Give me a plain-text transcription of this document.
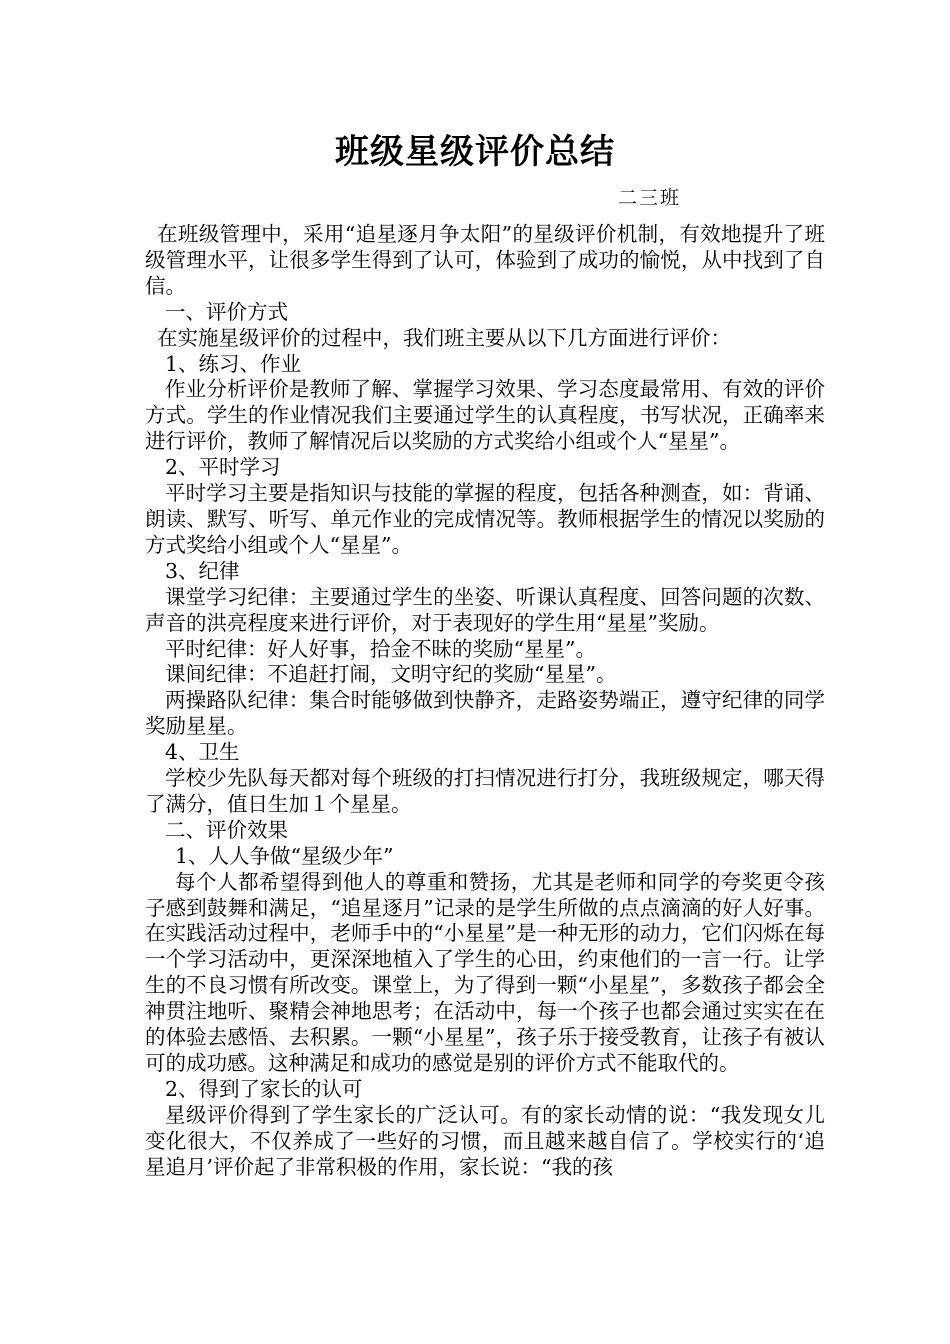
班级星级评价总结
二三班

在班级管理中，采用“追星逐月争太阳”的星级评价机制，有效地提升了班级管理水平，让很多学生得到了认可，体验到了成功的愉悦，从中找到了自信。

一、评价方式

在实施星级评价的过程中，我们班主要从以下几方面进行评价：

1、练习、作业

作业分析评价是教师了解、掌握学习效果、学习态度最常用、有效的评价方式。学生的作业情况我们主要通过学生的认真程度，书写状况，正确率来进行评价，教师了解情况后以奖励的方式奖给小组或个人“星星”。

2、平时学习

平时学习主要是指知识与技能的掌握的程度，包括各种测查，如：背诵、朗读、默写、听写、单元作业的完成情况等。教师根据学生的情况以奖励的方式奖给小组或个人“星星”。

3、纪律

课堂学习纪律：主要通过学生的坐姿、听课认真程度、回答问题的次数、声音的洪亮程度来进行评价，对于表现好的学生用“星星”奖励。

平时纪律：好人好事，拾金不昧的奖励“星星”。

课间纪律：不追赶打闹，文明守纪的奖励“星星”。

两操路队纪律：集合时能够做到快静齐，走路姿势端正，遵守纪律的同学奖励星星。

4、卫生

学校少先队每天都对每个班级的打扫情况进行打分，我班级规定，哪天得了满分，值日生加１个星星。

二、评价效果

1、人人争做“星级少年”

每个人都希望得到他人的尊重和赞扬，尤其是老师和同学的夸奖更令孩子感到鼓舞和满足，“追星逐月”记录的是学生所做的点点滴滴的好人好事。在实践活动过程中，老师手中的“小星星”是一种无形的动力，它们闪烁在每一个学习活动中，更深深地植入了学生的心田，约束他们的一言一行。让学生的不良习惯有所改变。课堂上，为了得到一颗“小星星”，多数孩子都会全神贯注地听、聚精会神地思考；在活动中，每一个孩子也都会通过实实在在的体验去感悟、去积累。一颗“小星星”，孩子乐于接受教育，让孩子有被认可的成功感。这种满足和成功的感觉是别的评价方式不能取代的。

2、得到了家长的认可

星级评价得到了学生家长的广泛认可。有的家长动情的说：“我发现女儿变化很大，不仅养成了一些好的习惯，而且越来越自信了。学校实行的‘追星追月’评价起了非常积极的作用，家长说：“我的孩
